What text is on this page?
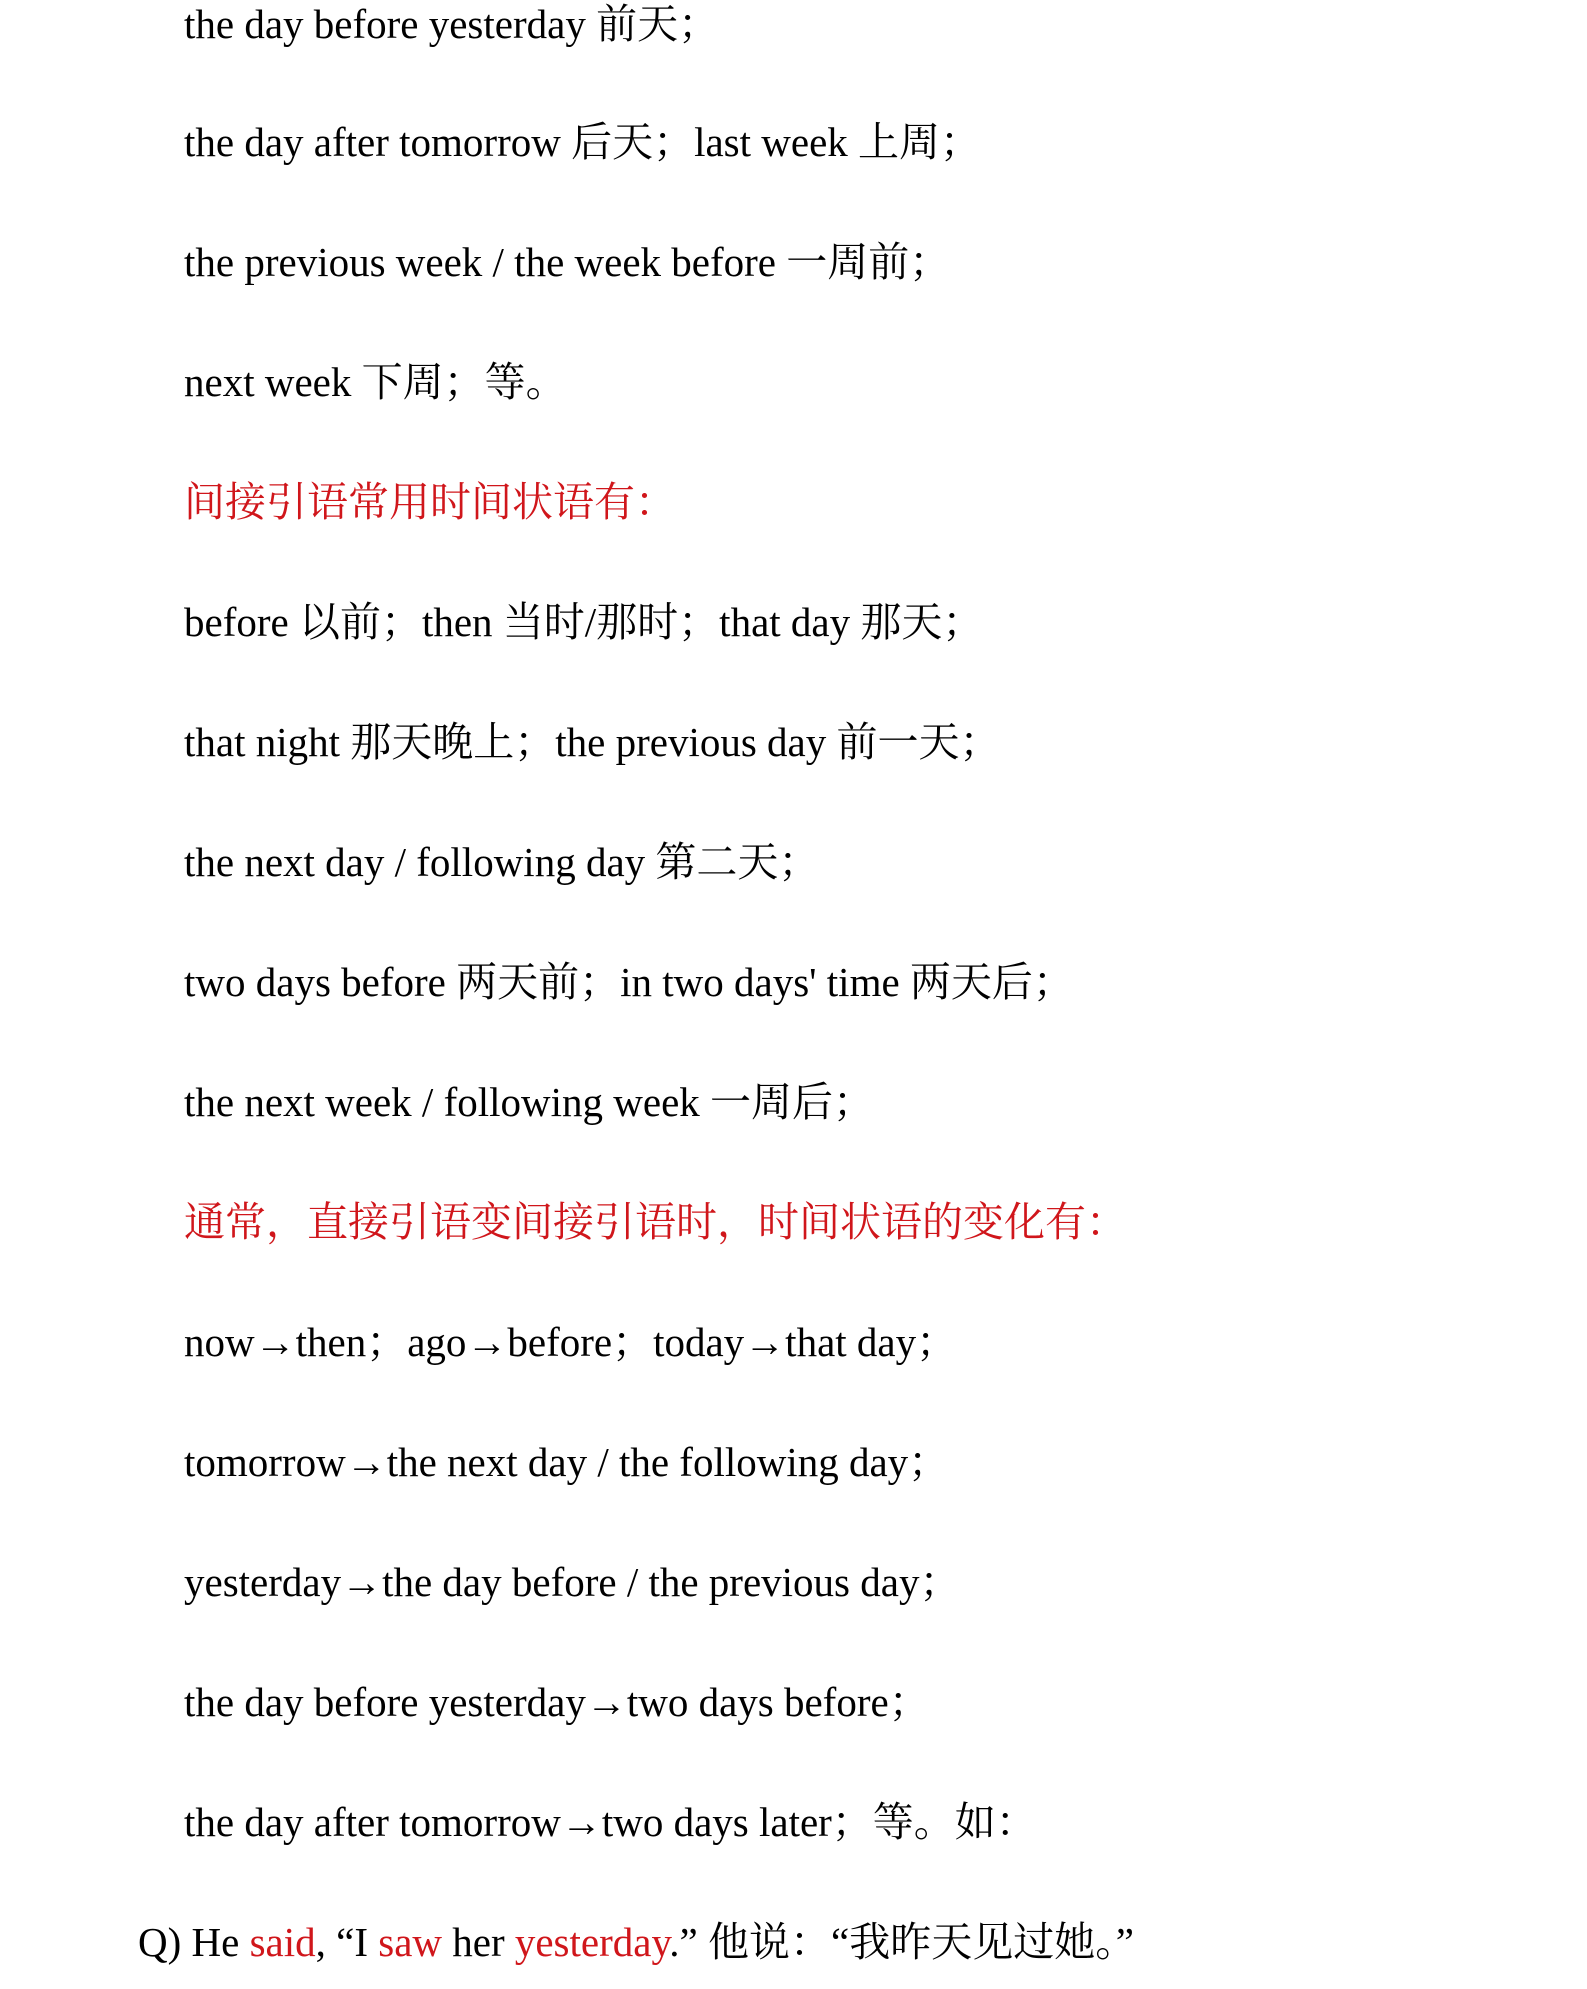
the day before yesterday 前天；
the day after tomorrow 后天；last week 上周；
the previous week / the week before 一周前；
next week 下周；等。
间接引语常用时间状语有：
before 以前；then 当时/那时；that day 那天；
that night 那天晚上；the previous day 前一天；
the next day / following day 第二天；
two days before 两天前；in two days' time 两天后；
the next week / following week 一周后；
通常，直接引语变间接引语时，时间状语的变化有：
now→then；ago→before；today→that day；
tomorrow→the next day / the following day；
yesterday→the day before / the previous day；
the day before yesterday→two days before；
the day after tomorrow→two days later；等。如：
Q) He said, “I saw her yesterday.” 他说：“我昨天见过她。”
